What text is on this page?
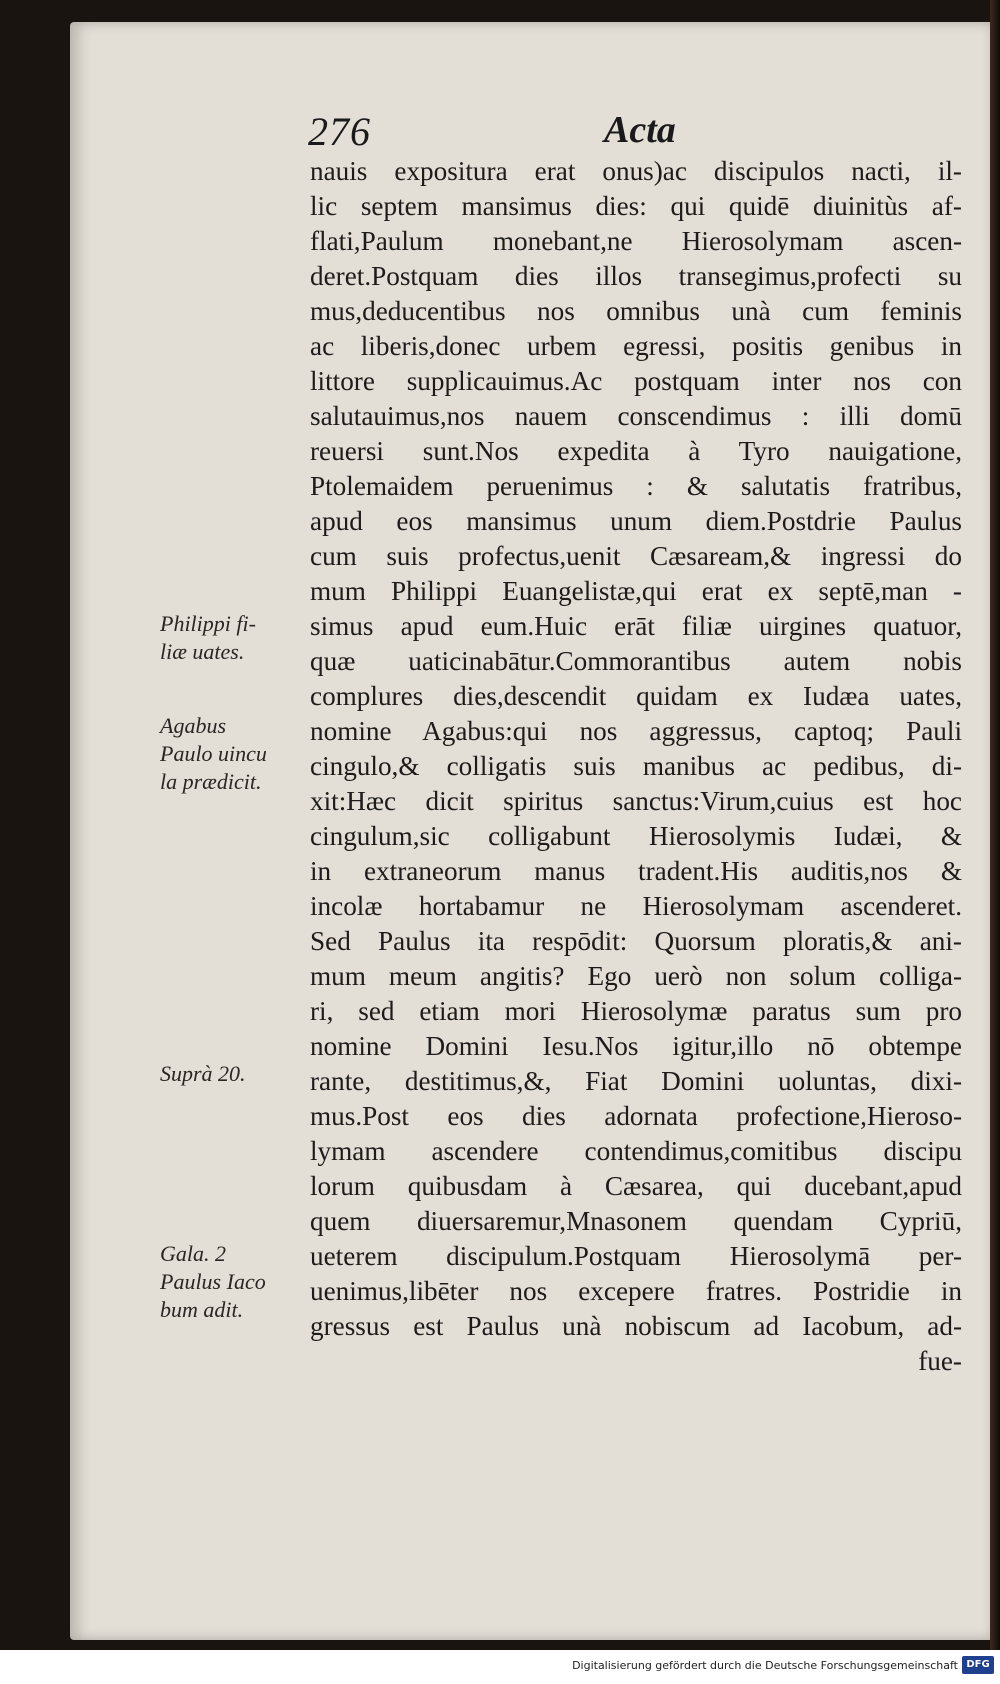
276	Acta
nauis expositura erat onus)ac discipulos nacti, il-
lic septem mansimus dies: qui quidē diuinitùs af-
flati,Paulum monebant,ne Hierosolymam ascen-
deret.Postquam dies illos transegimus,profecti su
mus,deducentibus nos omnibus unà cum feminis
ac liberis,donec urbem egressi, positis genibus in
littore supplicauimus.Ac postquam inter nos con
salutauimus,nos nauem conscendimus : illi domū
reuersi sunt.Nos expedita à Tyro nauigatione,
Ptolemaidem peruenimus : & salutatis fratribus,
apud eos mansimus unum diem.Postdrie Paulus
cum suis profectus,uenit Cæsaream,& ingressi do
mum Philippi Euangelistæ,qui erat ex septē,man -
simus apud eum.Huic erāt filiæ uirgines quatuor,
quæ uaticinabātur.Commorantibus autem nobis
complures dies,descendit quidam ex Iudæa uates,
nomine Agabus:qui nos aggressus, captoq; Pauli
cingulo,& colligatis suis manibus ac pedibus, di-
xit:Hæc dicit spiritus sanctus:Virum,cuius est hoc
cingulum,sic colligabunt Hierosolymis Iudæi, &
in extraneorum manus tradent.His auditis,nos &
incolæ hortabamur ne Hierosolymam ascenderet.
Sed Paulus ita respōdit: Quorsum ploratis,& ani-
mum meum angitis? Ego uerò non solum colliga-
ri, sed etiam mori Hierosolymæ paratus sum pro
nomine Domini Iesu.Nos igitur,illo nō obtempe
rante, destitimus,&, Fiat Domini uoluntas, dixi-
mus.Post eos dies adornata profectione,Hieroso-
lymam ascendere contendimus,comitibus discipu
lorum quibusdam à Cæsarea, qui ducebant,apud
quem diuersaremur,Mnasonem quendam Cypriū,
ueterem discipulum.Postquam Hierosolymā per-
uenimus,libēter nos excepere fratres. Postridie in
gressus est Paulus unà nobiscum ad Iacobum, ad-
fue-
Philippi fi-
liæ uates.
Agabus
Paulo uincu
la prædicit.
Suprà 20.
Gala. 2
Paulus Iaco
bum adit.
Digitalisierung gefördert durch die Deutsche Forschungsgemeinschaft DFG
